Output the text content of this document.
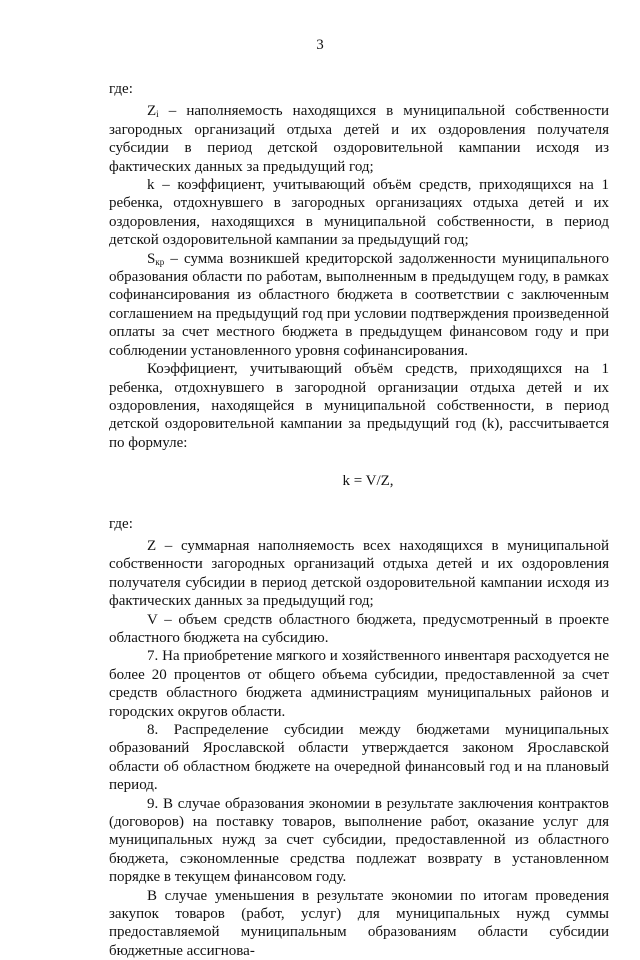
3

где:

$Z_i$ – наполняемость находящихся в муниципальной собственности загородных организаций отдыха детей и их оздоровления получателя субсидии в период детской оздоровительной кампании исходя из фактических данных за предыдущий год;

k – коэффициент, учитывающий объём средств, приходящихся на 1 ребенка, отдохнувшего в загородных организациях отдыха детей и их оздоровления, находящихся в муниципальной собственности, в период детской оздоровительной кампании за предыдущий год;

$S_{кр}$ – сумма возникшей кредиторской задолженности муниципального образования области по работам, выполненным в предыдущем году, в рамках софинансирования из областного бюджета в соответствии с заключенным соглашением на предыдущий год при условии подтверждения произведенной оплаты за счет местного бюджета в предыдущем финансовом году и при соблюдении установленного уровня софинансирования.

Коэффициент, учитывающий объём средств, приходящихся на 1 ребенка, отдохнувшего в загородной организации отдыха детей и их оздоровления, находящейся в муниципальной собственности, в период детской оздоровительной кампании за предыдущий год (k), рассчитывается по формуле:

k = V/Z,

где:

Z – суммарная наполняемость всех находящихся в муниципальной собственности загородных организаций отдыха детей и их оздоровления получателя субсидии в период детской оздоровительной кампании исходя из фактических данных за предыдущий год;

V – объем средств областного бюджета, предусмотренный в проекте областного бюджета на субсидию.

7. На приобретение мягкого и хозяйственного инвентаря расходуется не более 20 процентов от общего объема субсидии, предоставленной за счет средств областного бюджета администрациям муниципальных районов и городских округов области.

8. Распределение субсидии между бюджетами муниципальных образований Ярославской области утверждается законом Ярославской области об областном бюджете на очередной финансовый год и на плановый период.

9. В случае образования экономии в результате заключения контрактов (договоров) на поставку товаров, выполнение работ, оказание услуг для муниципальных нужд за счет субсидии, предоставленной из областного бюджета, сэкономленные средства подлежат возврату в установленном порядке в текущем финансовом году.

В случае уменьшения в результате экономии по итогам проведения закупок товаров (работ, услуг) для муниципальных нужд суммы предоставляемой муниципальным образованиям области субсидии бюджетные ассигнова-
